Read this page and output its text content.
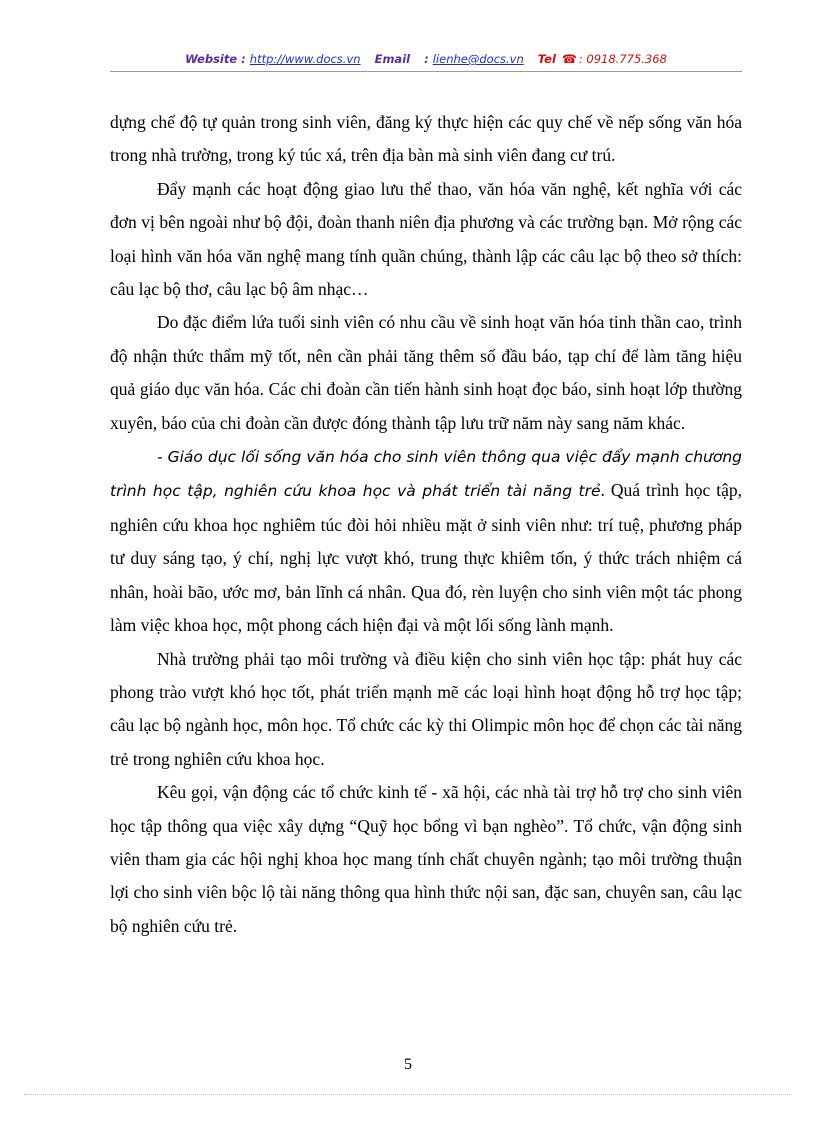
Website : http://www.docs.vn Email : lienhe@docs.vn Tel ☎ : 0918.775.368

dựng chế độ tự quản trong sinh viên, đăng ký thực hiện các quy chế về nếp sống văn hóa trong nhà trường, trong ký túc xá, trên địa bàn mà sinh viên đang cư trú.

Đẩy mạnh các hoạt động giao lưu thể thao, văn hóa văn nghệ, kết nghĩa với các đơn vị bên ngoài như bộ đội, đoàn thanh niên địa phương và các trường bạn. Mở rộng các loại hình văn hóa văn nghệ mang tính quần chúng, thành lập các câu lạc bộ theo sở thích: câu lạc bộ thơ, câu lạc bộ âm nhạc…

Do đặc điểm lứa tuổi sinh viên có nhu cầu về sinh hoạt văn hóa tinh thần cao, trình độ nhận thức thẩm mỹ tốt, nên cần phải tăng thêm số đầu báo, tạp chí để làm tăng hiệu quả giáo dục văn hóa. Các chi đoàn cần tiến hành sinh hoạt đọc báo, sinh hoạt lớp thường xuyên, báo của chi đoàn cần được đóng thành tập lưu trữ năm này sang năm khác.

- Giáo dục lối sống văn hóa cho sinh viên thông qua việc đẩy mạnh chương trình học tập, nghiên cứu khoa học và phát triển tài năng trẻ. Quá trình học tập, nghiên cứu khoa học nghiêm túc đòi hỏi nhiều mặt ở sinh viên như: trí tuệ, phương pháp tư duy sáng tạo, ý chí, nghị lực vượt khó, trung thực khiêm tốn, ý thức trách nhiệm cá nhân, hoài bão, ước mơ, bản lĩnh cá nhân. Qua đó, rèn luyện cho sinh viên một tác phong làm việc khoa học, một phong cách hiện đại và một lối sống lành mạnh.

Nhà trường phải tạo môi trường và điều kiện cho sinh viên học tập: phát huy các phong trào vượt khó học tốt, phát triển mạnh mẽ các loại hình hoạt động hỗ trợ học tập; câu lạc bộ ngành học, môn học. Tổ chức các kỳ thi Olimpic môn học để chọn các tài năng trẻ trong nghiên cứu khoa học.

Kêu gọi, vận động các tổ chức kinh tế - xã hội, các nhà tài trợ hỗ trợ cho sinh viên học tập thông qua việc xây dựng “Quỹ học bổng vì bạn nghèo”. Tổ chức, vận động sinh viên tham gia các hội nghị khoa học mang tính chất chuyên ngành; tạo môi trường thuận lợi cho sinh viên bộc lộ tài năng thông qua hình thức nội san, đặc san, chuyên san, câu lạc bộ nghiên cứu trẻ.

5
